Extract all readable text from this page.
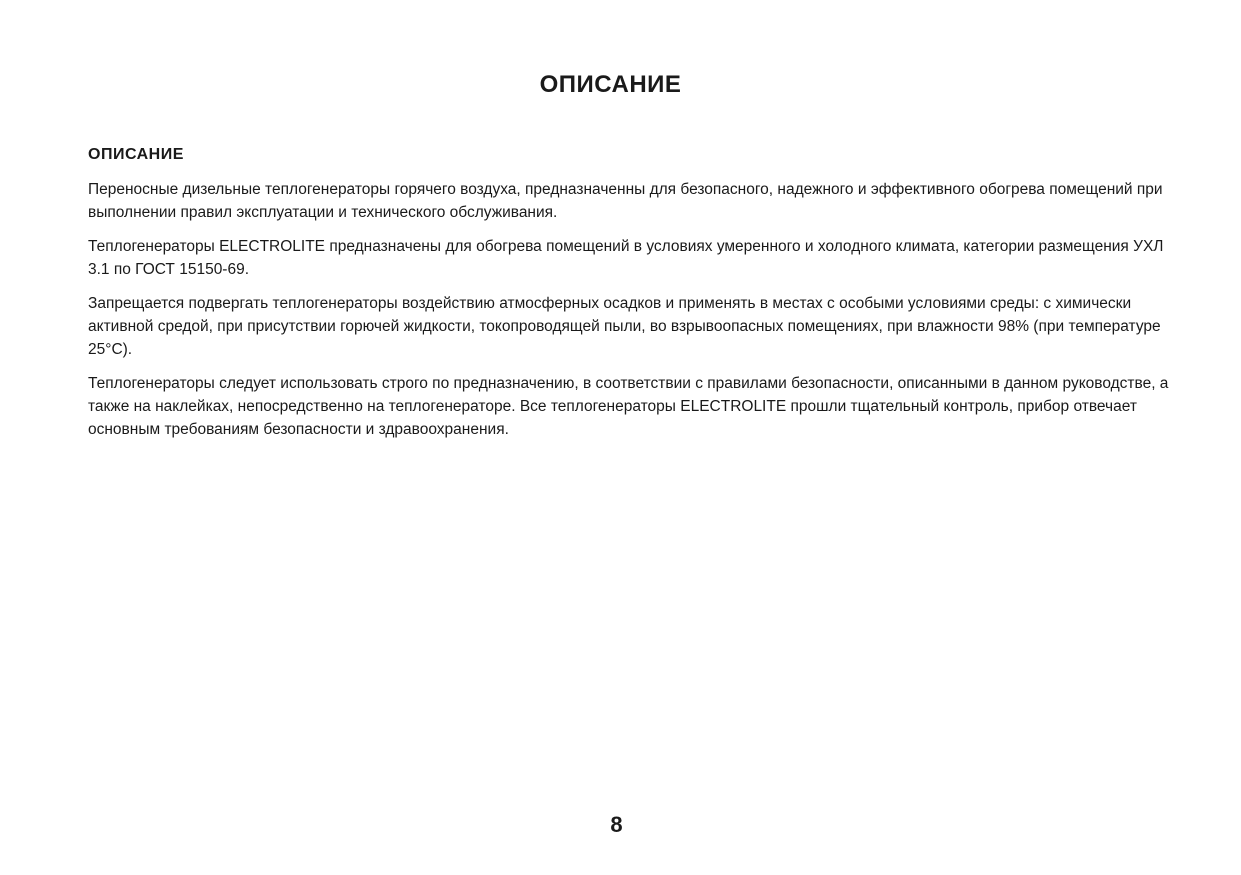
ОПИСАНИЕ
ОПИСАНИЕ

Переносные дизельные теплогенераторы горячего воздуха, предназначенны для безопасного, надежного и эффективного обогрева помещений при выполнении правил эксплуатации и технического обслуживания.

Теплогенераторы ELECTROLITE предназначены для обогрева помещений в условиях умеренного и холодного климата, категории размещения УХЛ 3.1 по ГОСТ 15150-69.

Запрещается подвергать теплогенераторы воздействию атмосферных осадков и применять в местах с особыми условиями среды: с химически активной средой, при присутствии горючей жидкости, токопроводящей пыли, во взрывоопасных помещениях, при влажности 98% (при температуре 25°С).

Теплогенераторы следует использовать строго по предназначению, в соответствии с правилами безопасности, описанными в данном руководстве, а также на наклейках, непосредственно на теплогенераторе. Все теплогенераторы ELECTROLITE прошли тщательный контроль, прибор отвечает основным требованиям безопасности и здравоохранения.

8
